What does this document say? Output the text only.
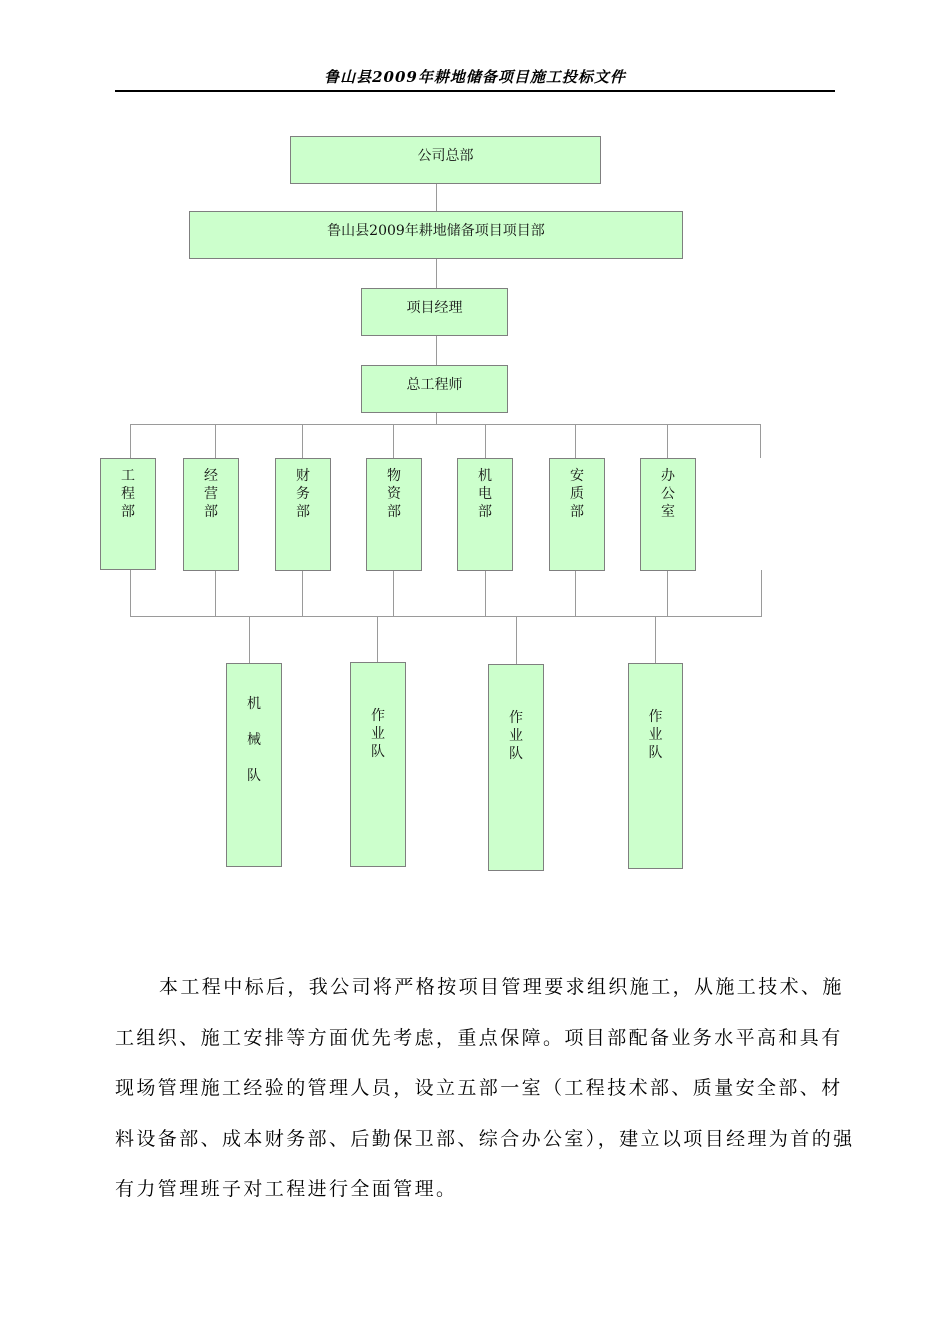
鲁山县2009年耕地储备项目施工投标文件
公司总部
鲁山县2009年耕地储备项目项目部
项目经理
总工程师
工
程
部
经
营
部
财
务
部
物
资
部
机
电
部
安
质
部
办
公
室
机
械
队
作
业
队
作
业
队
作
业
队

本工程中标后，我公司将严格按项目管理要求组织施工，从施工技术、施工组织、施工安排等方面优先考虑，重点保障。项目部配备业务水平高和具有现场管理施工经验的管理人员，设立五部一室（工程技术部、质量安全部、材料设备部、成本财务部、后勤保卫部、综合办公室），建立以项目经理为首的强有力管理班子对工程进行全面管理。
